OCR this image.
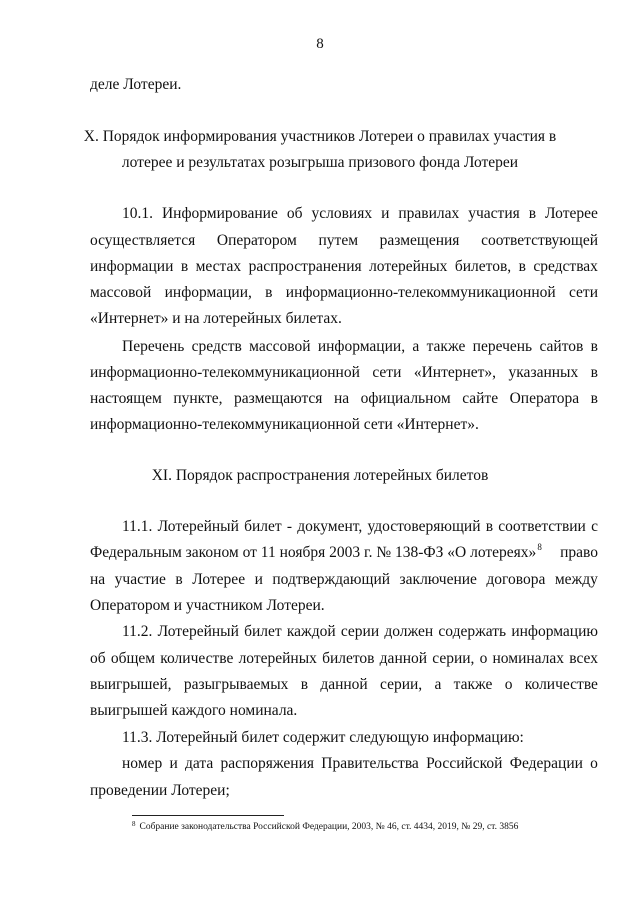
8
деле Лотереи.
X. Порядок информирования участников Лотереи о правилах участия в
лотерее и результатах розыгрыша призового фонда Лотереи
10.1. Информирование об условиях и правилах участия в Лотерее
осуществляется Оператором путем размещения соответствующей
информации в местах распространения лотерейных билетов, в средствах
массовой информации, в информационно-телекоммуникационной сети
«Интернет» и на лотерейных билетах.
Перечень средств массовой информации, а также перечень сайтов в
информационно-телекоммуникационной сети «Интернет», указанных в
настоящем пункте, размещаются на официальном сайте Оператора в
информационно-телекоммуникационной сети «Интернет».
XI. Порядок распространения лотерейных билетов
11.1. Лотерейный билет - документ, удостоверяющий в соответствии с
Федеральным законом от 11 ноября 2003 г. № 138-ФЗ «О лотереях»$^8$ право
на участие в Лотерее и подтверждающий заключение договора между
Оператором и участником Лотереи.
11.2. Лотерейный билет каждой серии должен содержать информацию
об общем количестве лотерейных билетов данной серии, о номиналах всех
выигрышей, разыгрываемых в данной серии, а также о количестве
выигрышей каждого номинала.
11.3. Лотерейный билет содержит следующую информацию:
номер и дата распоряжения Правительства Российской Федерации о
проведении Лотереи;
$^8$ Собрание законодательства Российской Федерации, 2003, № 46, ст. 4434, 2019, № 29, ст. 3856
